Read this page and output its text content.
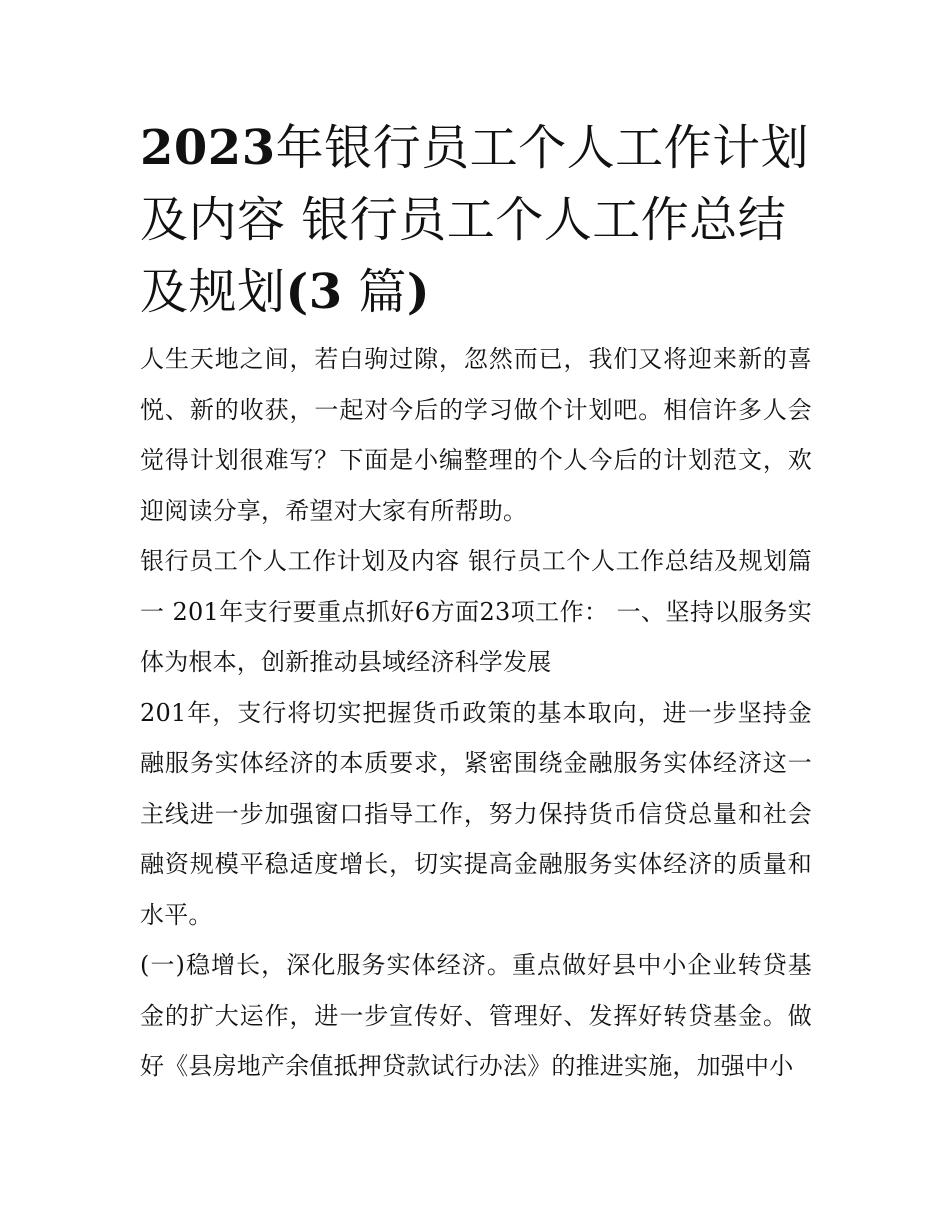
2023年银行员工个人工作计划
及内容 银行员工个人工作总结
及规划(3 篇)

人生天地之间，若白驹过隙，忽然而已，我们又将迎来新的喜悦、新的收获，一起对今后的学习做个计划吧。相信许多人会觉得计划很难写？下面是小编整理的个人今后的计划范文，欢迎阅读分享，希望对大家有所帮助。

银行员工个人工作计划及内容 银行员工个人工作总结及规划篇一 201年支行要重点抓好6方面23项工作： 一、坚持以服务实体为根本，创新推动县域经济科学发展

201年，支行将切实把握货币政策的基本取向，进一步坚持金融服务实体经济的本质要求，紧密围绕金融服务实体经济这一主线进一步加强窗口指导工作，努力保持货币信贷总量和社会融资规模平稳适度增长，切实提高金融服务实体经济的质量和水平。

(一)稳增长，深化服务实体经济。重点做好县中小企业转贷基金的扩大运作，进一步宣传好、管理好、发挥好转贷基金。做好《县房地产余值抵押贷款试行办法》的推进实施，加强中小
